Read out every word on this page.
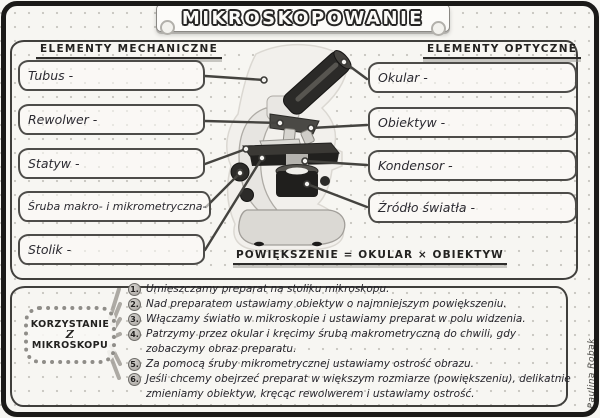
MIKROSKOPOWANIE
ELEMENTY MECHANICZNE	ELEMENTY OPTYCZNE
Tubus -
Rewolwer -
Statyw -
Śruba makro- i mikrometryczna-
Stolik -
Okular -
Obiektyw -
Kondensor -
Źródło światła -
POWIĘKSZENIE = OKULAR × OBIEKTYW
KORZYSTANIE
Z
MIKROSKOPU
1. Umieszczamy preparat na stoliku mikroskopu.
2. Nad preparatem ustawiamy obiektyw o najmniejszym powiększeniu.
3. Włączamy światło w mikroskopie i ustawiamy preparat w polu widzenia.
4. Patrzymy przez okular i kręcimy śrubą makrometryczną do chwili, gdy zobaczymy obraz preparatu.
5. Za pomocą śruby mikrometrycznej ustawiamy ostrość obrazu.
6. Jeśli chcemy obejrzeć preparat w większym rozmiarze (powiększeniu), delikatnie zmieniamy obiektyw, kręcąc rewolwerem i ustawiamy ostrość.	Paulina Robak
